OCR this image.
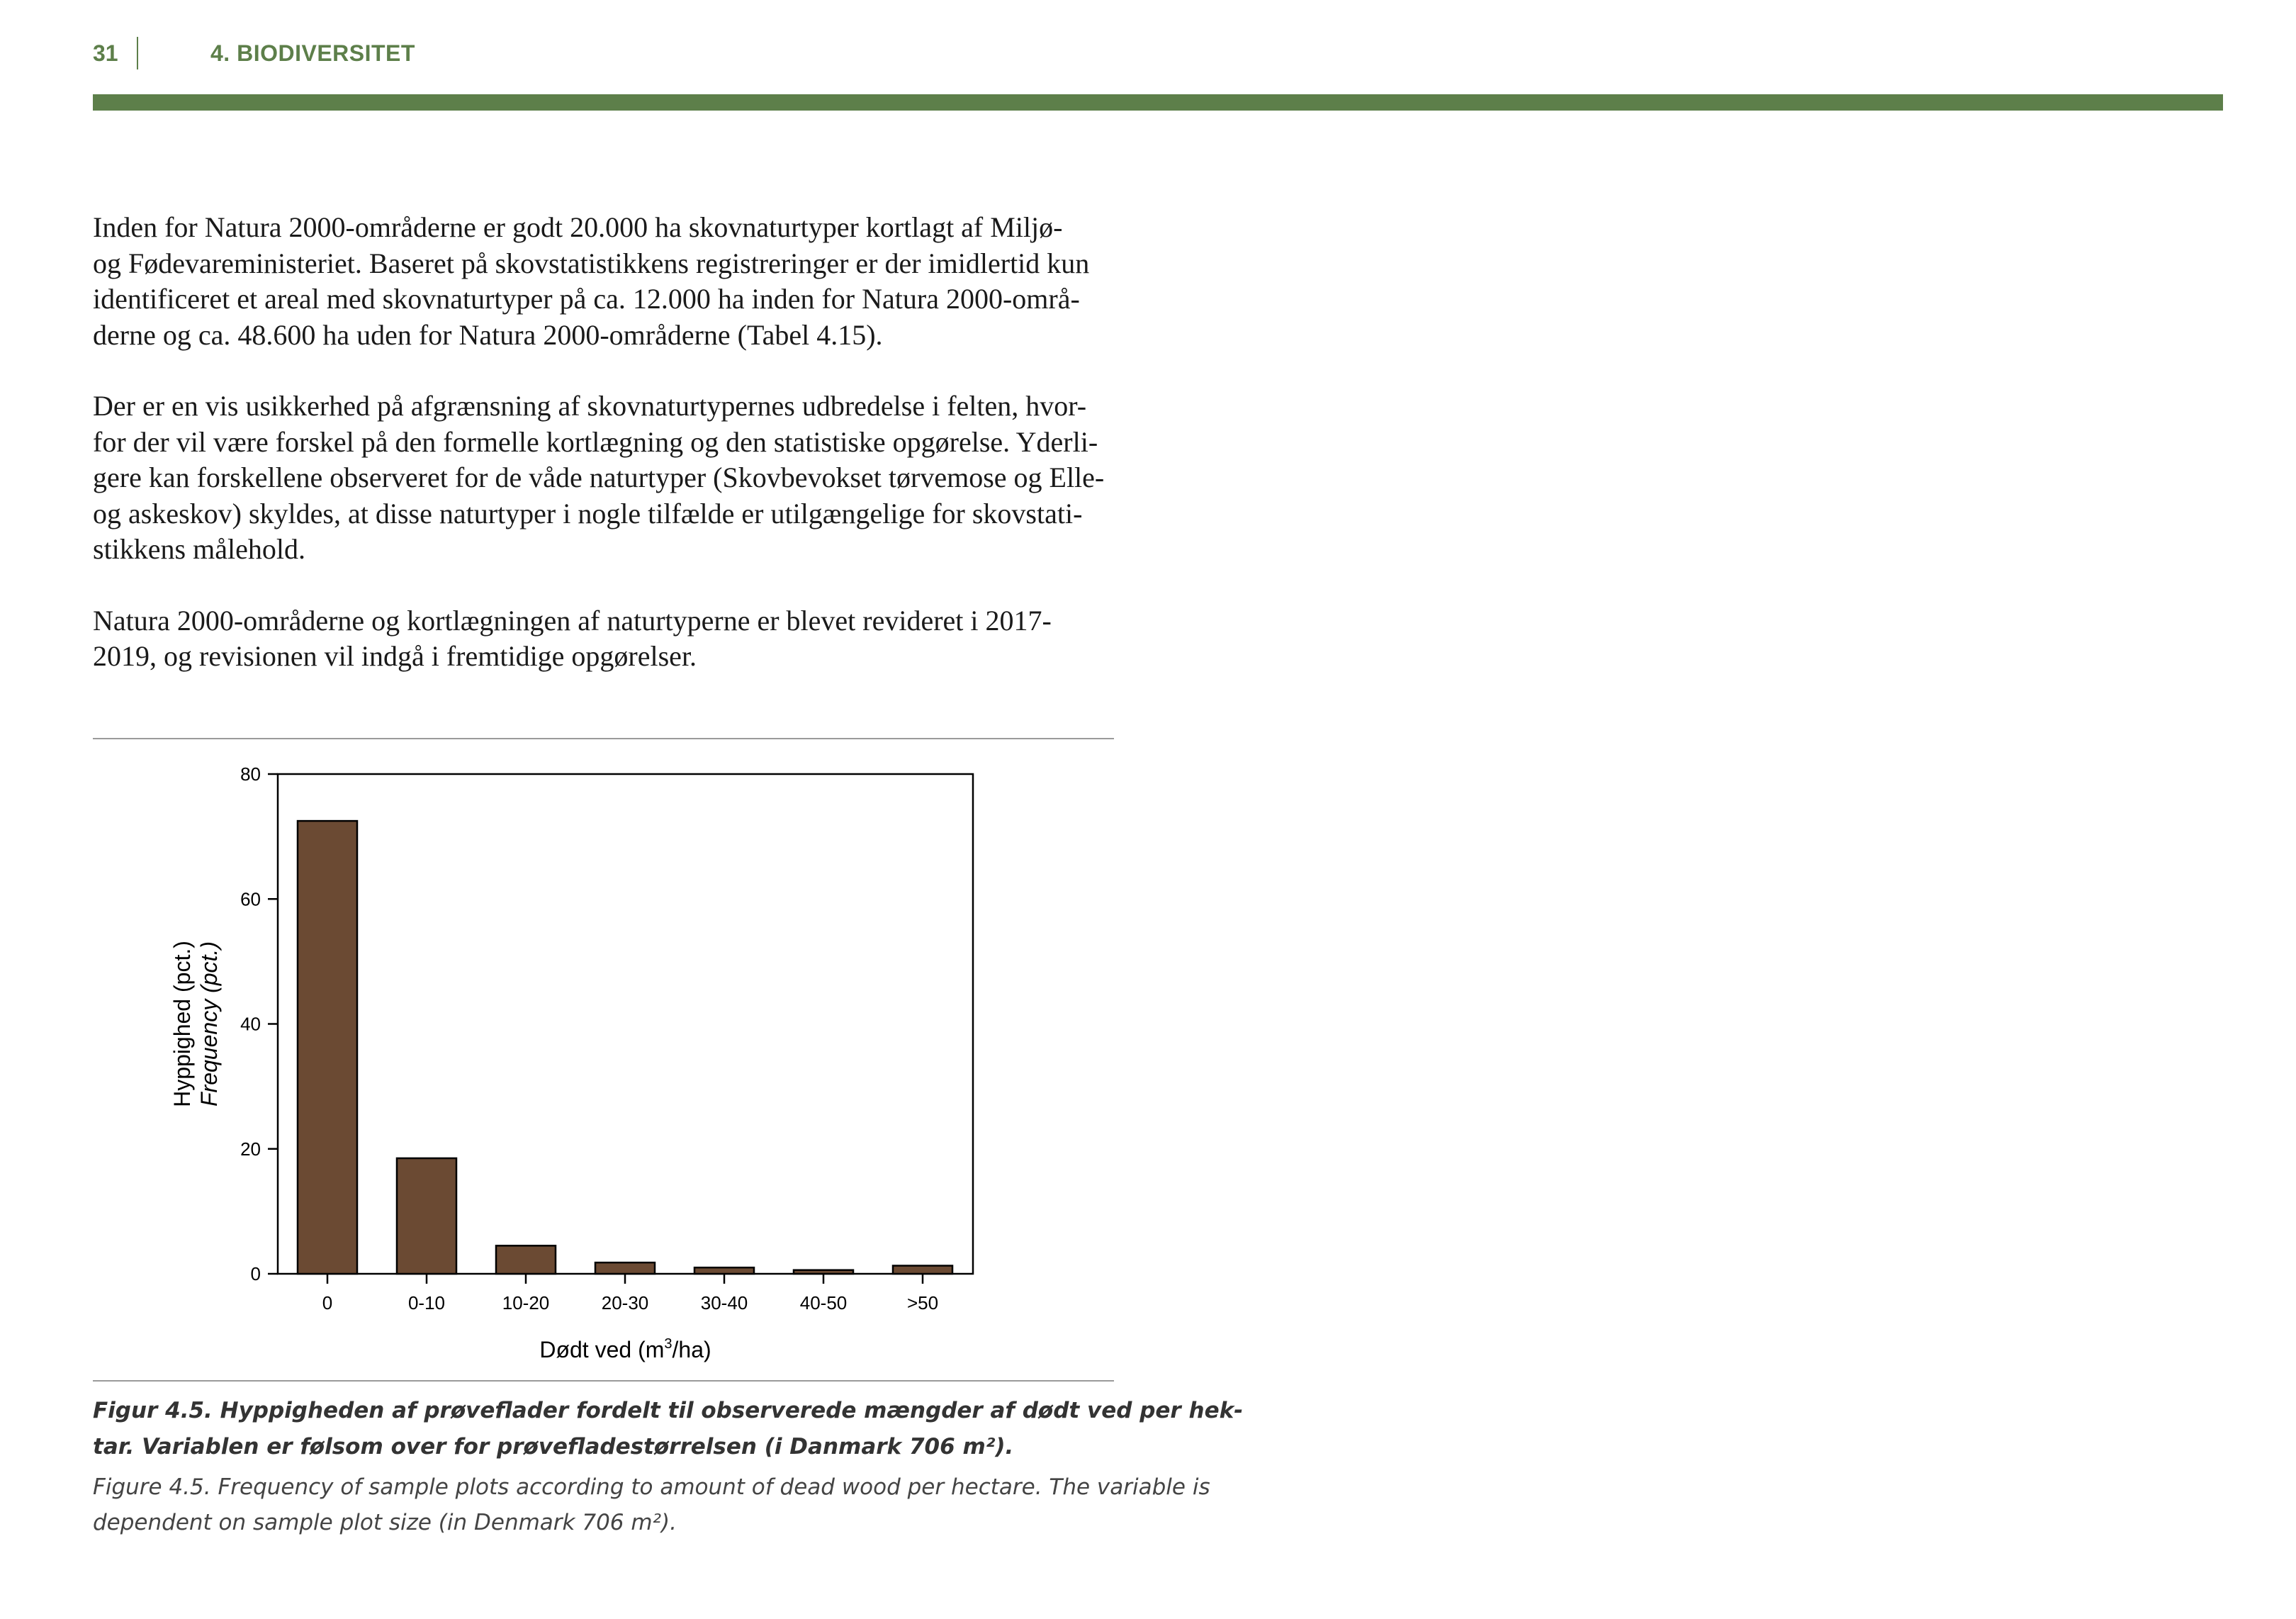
31	4. BIODIVERSITET

Inden for Natura 2000-områderne er godt 20.000 ha skovnaturtyper kortlagt af Miljø-
og Fødevareministeriet. Baseret på skovstatistikkens registreringer er der imidlertid kun
identificeret et areal med skovnaturtyper på ca. 12.000 ha inden for Natura 2000-områ-
derne og ca. 48.600 ha uden for Natura 2000-områderne (Tabel 4.15).

Der er en vis usikkerhed på afgrænsning af skovnaturtypernes udbredelse i felten, hvor-
for der vil være forskel på den formelle kortlægning og den statistiske opgørelse. Yderli-
gere kan forskellene observeret for de våde naturtyper (Skovbevokset tørvemose og Elle-
og askeskov) skyldes, at disse naturtyper i nogle tilfælde er utilgængelige for skovstati-
stikkens målehold.

Natura 2000-områderne og kortlægningen af naturtyperne er blevet revideret i 2017-
2019, og revisionen vil indgå i fremtidige opgørelser.

0
20
40
60
80
0	0-10	10-20	20-30	30-40	40-50	>50
Hyppighed (pct.) Frequency (pct.)
Dødt ved $(m^3/ha)$
Figur 4.5. Hyppigheden af prøveflader fordelt til observerede mængder af dødt ved per hek-
tar. Variablen er følsom over for prøvefladestørrelsen (i Danmark 706 m²).
Figure 4.5. Frequency of sample plots according to amount of dead wood per hectare. The variable is
dependent on sample plot size (in Denmark 706 m²).
